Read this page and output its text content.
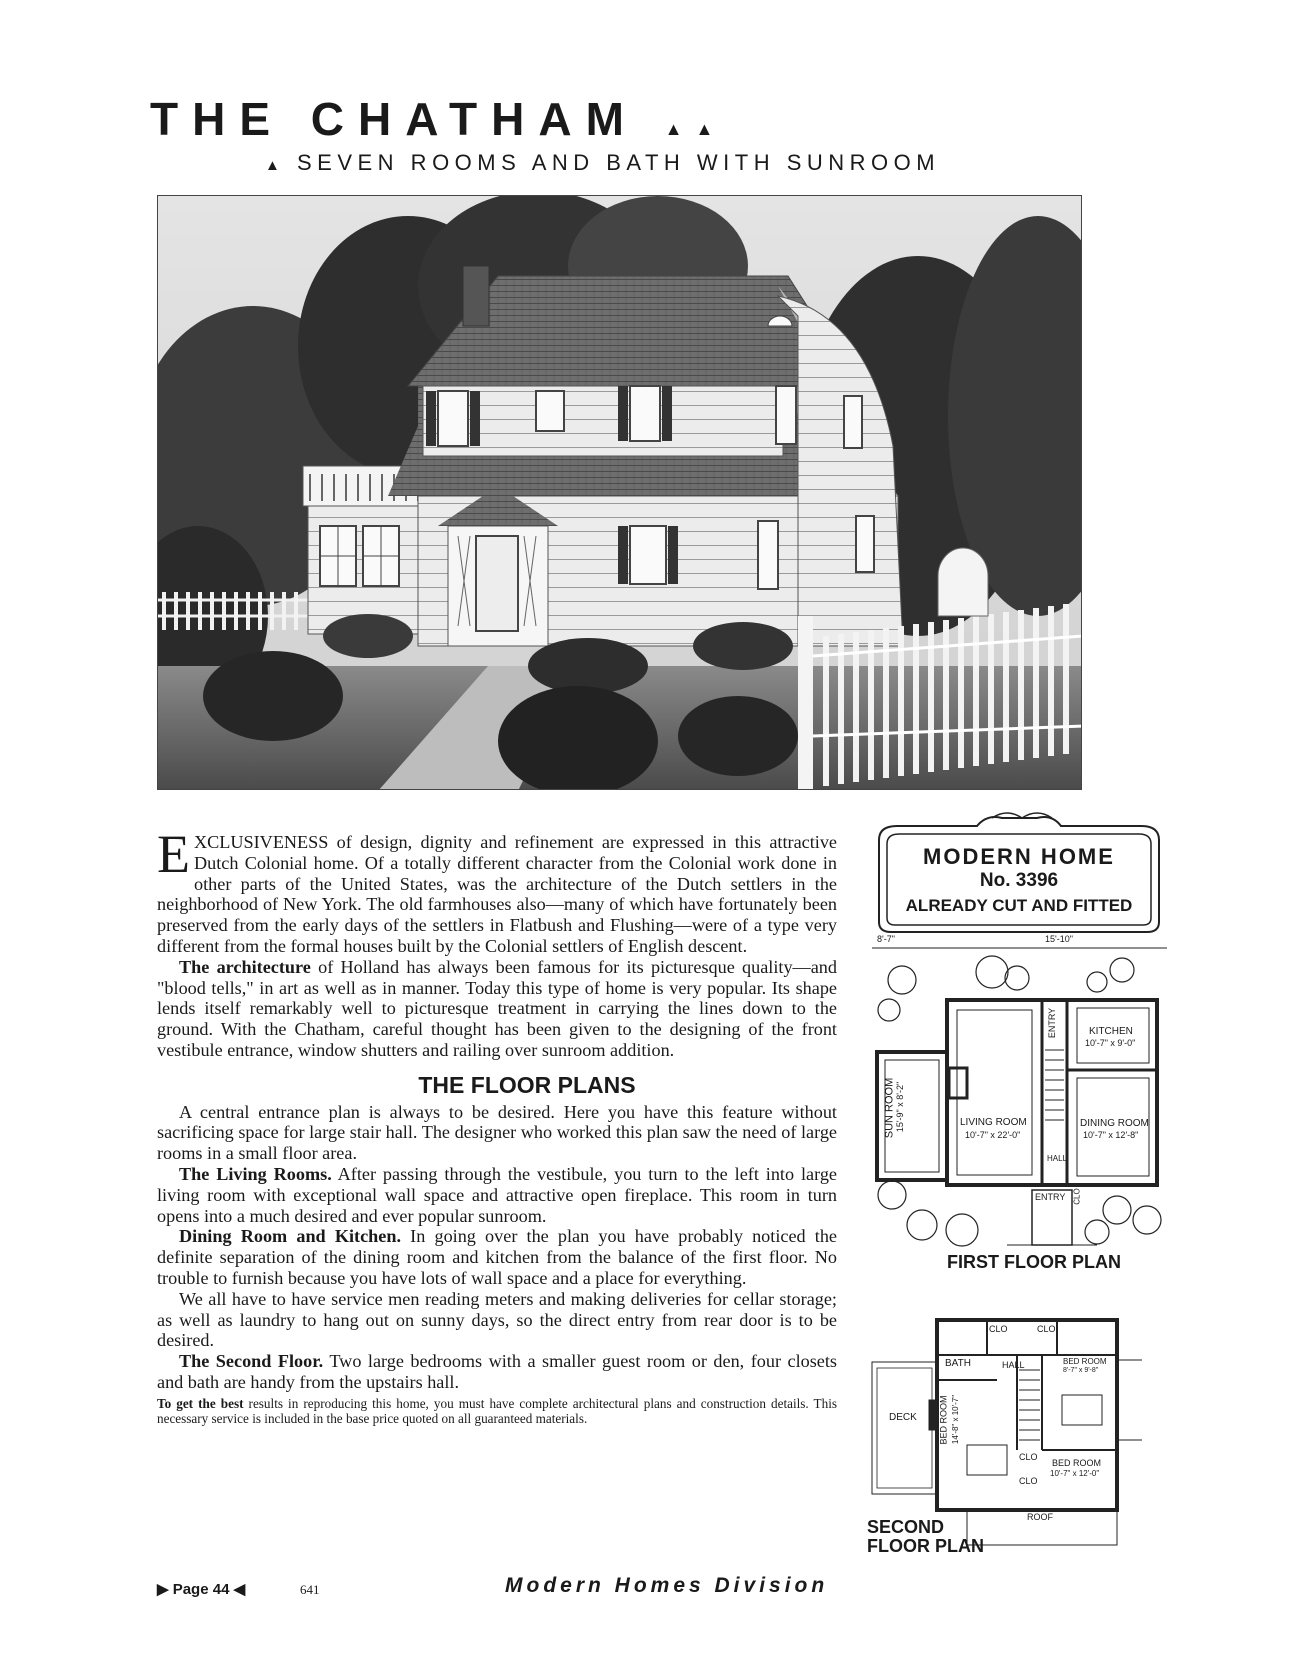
THE CHATHAM ▲ ▲
▲ SEVEN ROOMS AND BATH WITH SUNROOM

EXCLUSIVENESS of design, dignity and refinement are expressed in this attractive Dutch Colonial home. Of a totally different character from the Colonial work done in other parts of the United States, was the architecture of the Dutch settlers in the neighborhood of New York. The old farmhouses also—many of which have fortunately been preserved from the early days of the settlers in Flatbush and Flushing—were of a type very different from the formal houses built by the Colonial settlers of English descent.

The architecture of Holland has always been famous for its picturesque quality—and "blood tells," in art as well as in manner. Today this type of home is very popular. Its shape lends itself remarkably well to picturesque treatment in carrying the lines down to the ground. With the Chatham, careful thought has been given to the designing of the front vestibule entrance, window shutters and railing over sunroom addition.

THE FLOOR PLANS

A central entrance plan is always to be desired. Here you have this feature without sacrificing space for large stair hall. The designer who worked this plan saw the need of large rooms in a small floor area.

The Living Rooms. After passing through the vestibule, you turn to the left into large living room with exceptional wall space and attractive open fireplace. This room in turn opens into a much desired and ever popular sunroom.

Dining Room and Kitchen. In going over the plan you have probably noticed the definite separation of the dining room and kitchen from the balance of the first floor. No trouble to furnish because you have lots of wall space and a place for everything.

We all have to have service men reading meters and making deliveries for cellar storage; as well as laundry to hang out on sunny days, so the direct entry from rear door is to be desired.

The Second Floor. Two large bedrooms with a smaller guest room or den, four closets and bath are handy from the upstairs hall.

To get the best results in reproducing this home, you must have complete architectural plans and construction details. This necessary service is included in the base price quoted on all guaranteed materials.

▶ Page 44 ◀	641	Modern Homes Division
MODERN HOME
No. 3396
ALREADY CUT AND FITTED
8'-7"	15'-10"
SUN ROOM 15'-9" x 8'-2"	LIVING ROOM
10'-7" x 22'-0"
ENTRY	KITCHEN
10'-7" x 9'-0"
DINING ROOM
10'-7" x 12'-8"
HALL
ENTRY CLO
FIRST FLOOR PLAN
CLO	CLO
BATH	HALL	BED ROOM
8'-7" x 9'-8"
DECK BED ROOM 14'-8" x 10'-7"
CLO
CLO
BED ROOM
10'-7" x 12'-0"
ROOF
SECOND
FLOOR PLAN
